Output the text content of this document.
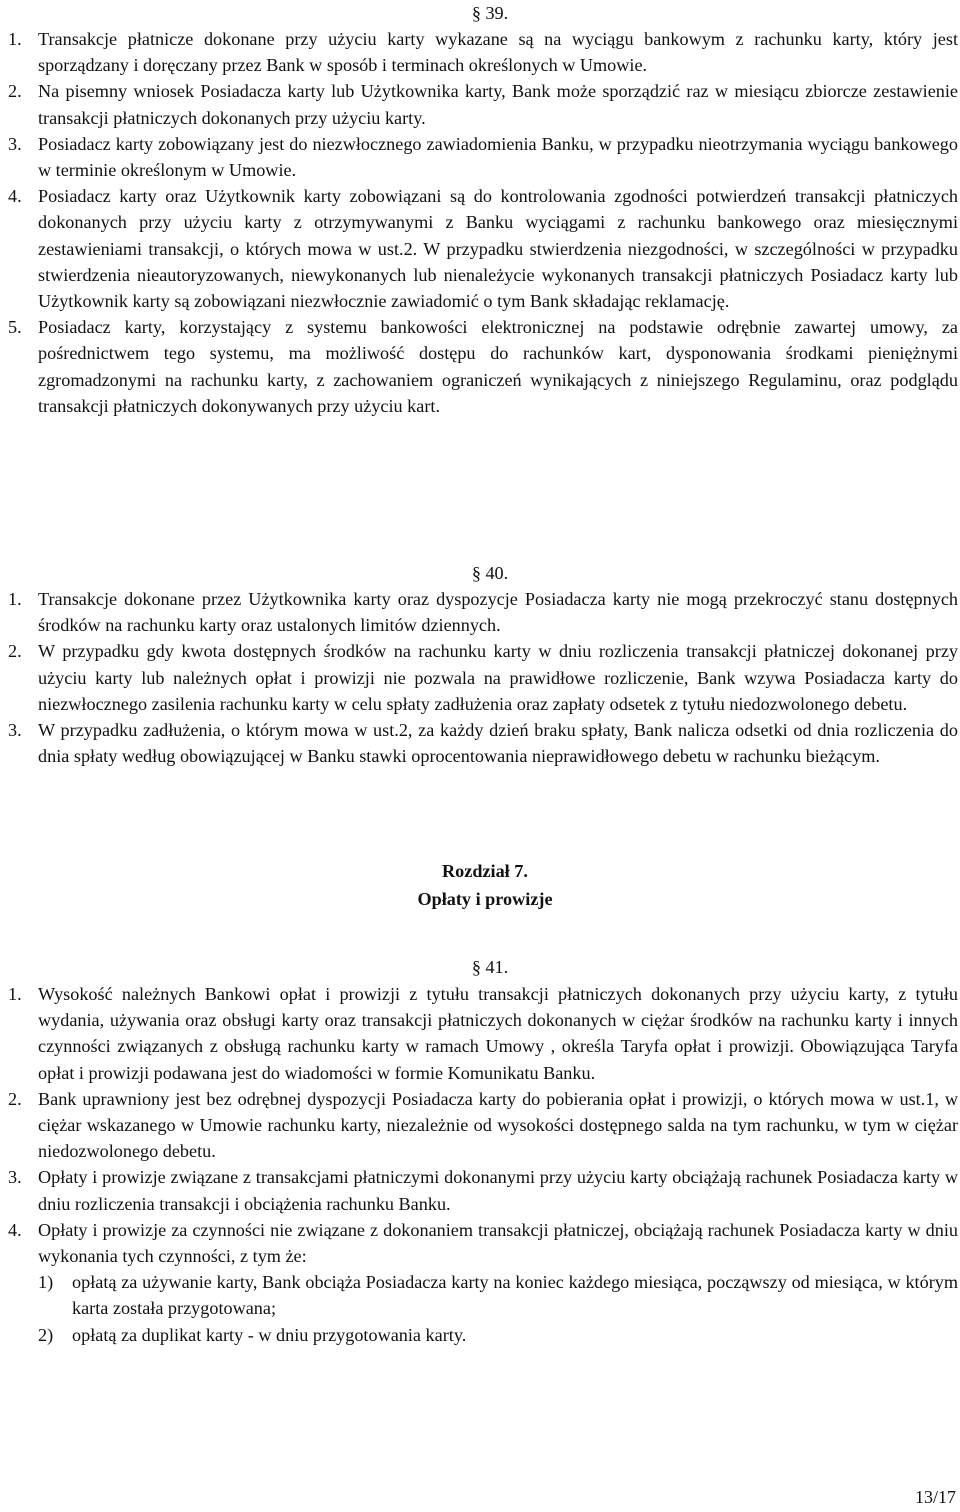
§ 39.

1. Transakcje płatnicze dokonane przy użyciu karty wykazane są na wyciągu bankowym z rachunku karty, który jest sporządzany i doręczany przez Bank w sposób i terminach określonych w Umowie.
2. Na pisemny wniosek Posiadacza karty lub Użytkownika karty, Bank może sporządzić raz w miesiącu zbiorcze zestawienie transakcji płatniczych dokonanych przy użyciu karty.
3. Posiadacz karty zobowiązany jest do niezwłocznego zawiadomienia Banku, w przypadku nieotrzymania wyciągu bankowego w terminie określonym w Umowie.
4. Posiadacz karty oraz Użytkownik karty zobowiązani są do kontrolowania zgodności potwierdzeń transakcji płatniczych dokonanych przy użyciu karty z otrzymywanymi z Banku wyciągami z rachunku bankowego oraz miesięcznymi zestawieniami transakcji, o których mowa w ust.2. W przypadku stwierdzenia niezgodności, w szczególności w przypadku stwierdzenia nieautoryzowanych, niewykonanych lub nienależycie wykonanych transakcji płatniczych Posiadacz karty lub Użytkownik karty są zobowiązani niezwłocznie zawiadomić o tym Bank składając reklamację.
5. Posiadacz karty, korzystający z systemu bankowości elektronicznej na podstawie odrębnie zawartej umowy, za pośrednictwem tego systemu, ma możliwość dostępu do rachunków kart, dysponowania środkami pieniężnymi zgromadzonymi na rachunku karty, z zachowaniem ograniczeń wynikających z niniejszego Regulaminu, oraz podglądu transakcji płatniczych dokonywanych przy użyciu kart.

§ 40.

1. Transakcje dokonane przez Użytkownika karty oraz dyspozycje Posiadacza karty nie mogą przekroczyć stanu dostępnych środków na rachunku karty oraz ustalonych limitów dziennych.
2. W przypadku gdy kwota dostępnych środków na rachunku karty w dniu rozliczenia transakcji płatniczej dokonanej przy użyciu karty lub należnych opłat i prowizji nie pozwala na prawidłowe rozliczenie, Bank wzywa Posiadacza karty do niezwłocznego zasilenia rachunku karty w celu spłaty zadłużenia oraz zapłaty odsetek z tytułu niedozwolonego debetu.
3. W przypadku zadłużenia, o którym mowa w ust.2, za każdy dzień braku spłaty, Bank nalicza odsetki od dnia rozliczenia do dnia spłaty według obowiązującej w Banku stawki oprocentowania nieprawidłowego debetu w rachunku bieżącym.

Rozdział 7.

Opłaty i prowizje

§ 41.

1. Wysokość należnych Bankowi opłat i prowizji z tytułu transakcji płatniczych dokonanych przy użyciu karty, z tytułu wydania, używania oraz obsługi karty oraz transakcji płatniczych dokonanych w ciężar środków na rachunku karty i innych czynności związanych z obsługą rachunku karty w ramach Umowy , określa Taryfa opłat i prowizji. Obowiązująca Taryfa opłat i prowizji podawana jest do wiadomości w formie Komunikatu Banku.
2. Bank uprawniony jest bez odrębnej dyspozycji Posiadacza karty do pobierania opłat i prowizji, o których mowa w ust.1, w ciężar wskazanego w Umowie rachunku karty, niezależnie od wysokości dostępnego salda na tym rachunku, w tym w ciężar niedozwolonego debetu.
3. Opłaty i prowizje związane z transakcjami płatniczymi dokonanymi przy użyciu karty obciążają rachunek Posiadacza karty w dniu rozliczenia transakcji i obciążenia rachunku Banku.
4. Opłaty i prowizje za czynności nie związane z dokonaniem transakcji płatniczej, obciążają rachunek Posiadacza karty w dniu wykonania tych czynności, z tym że:
1)	opłatą za używanie karty, Bank obciąża Posiadacza karty na koniec każdego miesiąca, począwszy od miesiąca, w którym karta została przygotowana;
2)	opłatą za duplikat karty - w dniu przygotowania karty.
13/17
